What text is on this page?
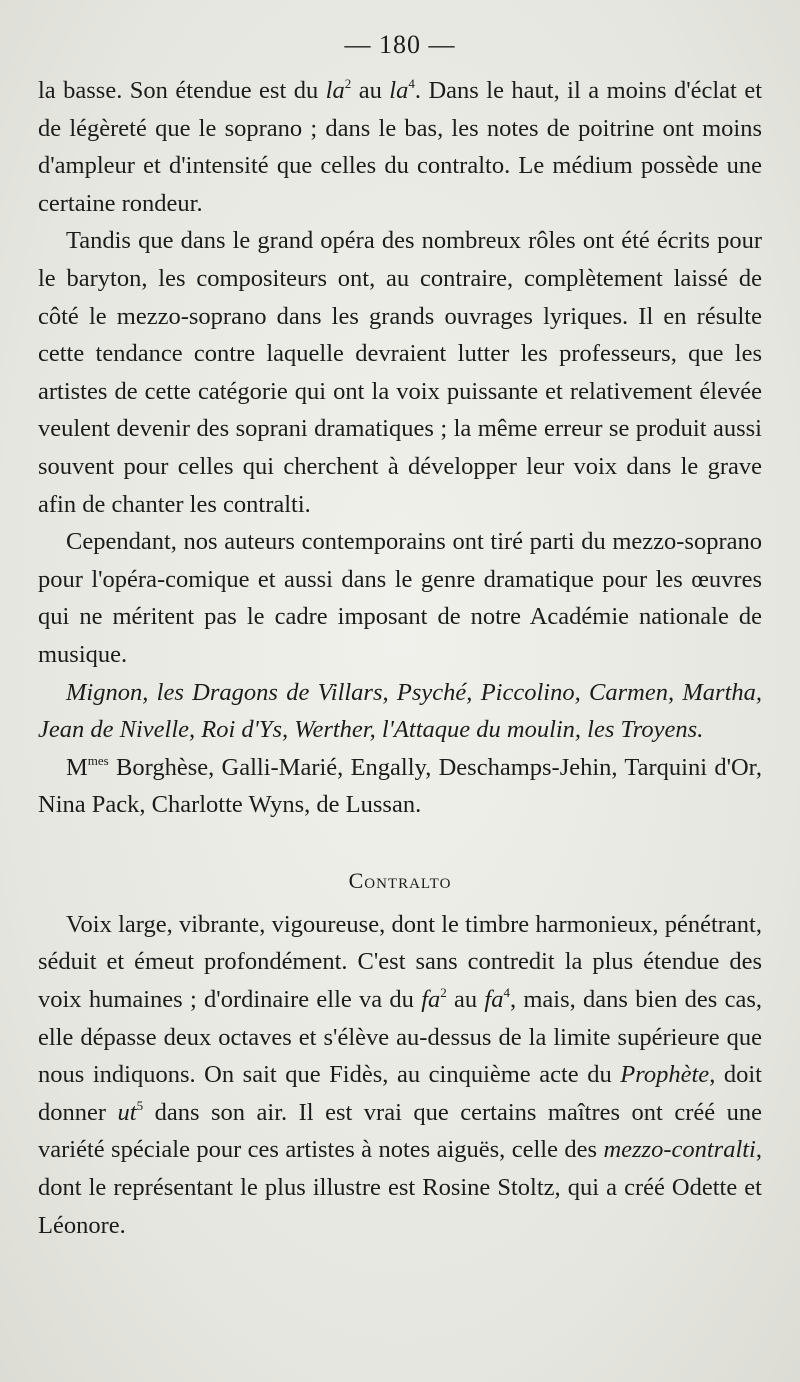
— 180 —

la basse. Son étendue est du $la^2$ au $la^4$. Dans le haut, il a moins d'éclat et de légèreté que le soprano ; dans le bas, les notes de poitrine ont moins d'ampleur et d'intensité que celles du contralto. Le médium possède une certaine rondeur.

Tandis que dans le grand opéra des nombreux rôles ont été écrits pour le baryton, les compositeurs ont, au contraire, complètement laissé de côté le mezzo-soprano dans les grands ouvrages lyriques. Il en résulte cette tendance contre laquelle devraient lutter les professeurs, que les artistes de cette catégorie qui ont la voix puissante et relativement élevée veulent devenir des soprani dramatiques ; la même erreur se produit aussi souvent pour celles qui cherchent à développer leur voix dans le grave afin de chanter les contralti.

Cependant, nos auteurs contemporains ont tiré parti du mezzo-soprano pour l'opéra-comique et aussi dans le genre dramatique pour les œuvres qui ne méritent pas le cadre imposant de notre Académie nationale de musique.

Mignon, les Dragons de Villars, Psyché, Piccolino, Carmen, Martha, Jean de Nivelle, Roi d'Ys, Werther, l'Attaque du moulin, les Troyens.

$M^{mes}$ Borghèse, Galli-Marié, Engally, Deschamps-Jehin, Tarquini d'Or, Nina Pack, Charlotte Wyns, de Lussan.

Contralto

Voix large, vibrante, vigoureuse, dont le timbre harmonieux, pénétrant, séduit et émeut profondément. C'est sans contredit la plus étendue des voix humaines ; d'ordinaire elle va du $fa^2$ au $fa^4$, mais, dans bien des cas, elle dépasse deux octaves et s'élève au-dessus de la limite supérieure que nous indiquons. On sait que Fidès, au cinquième acte du Prophète, doit donner $ut^5$ dans son air. Il est vrai que certains maîtres ont créé une variété spéciale pour ces artistes à notes aiguës, celle des mezzo-contralti, dont le représentant le plus illustre est Rosine Stoltz, qui a créé Odette et Léonore.
